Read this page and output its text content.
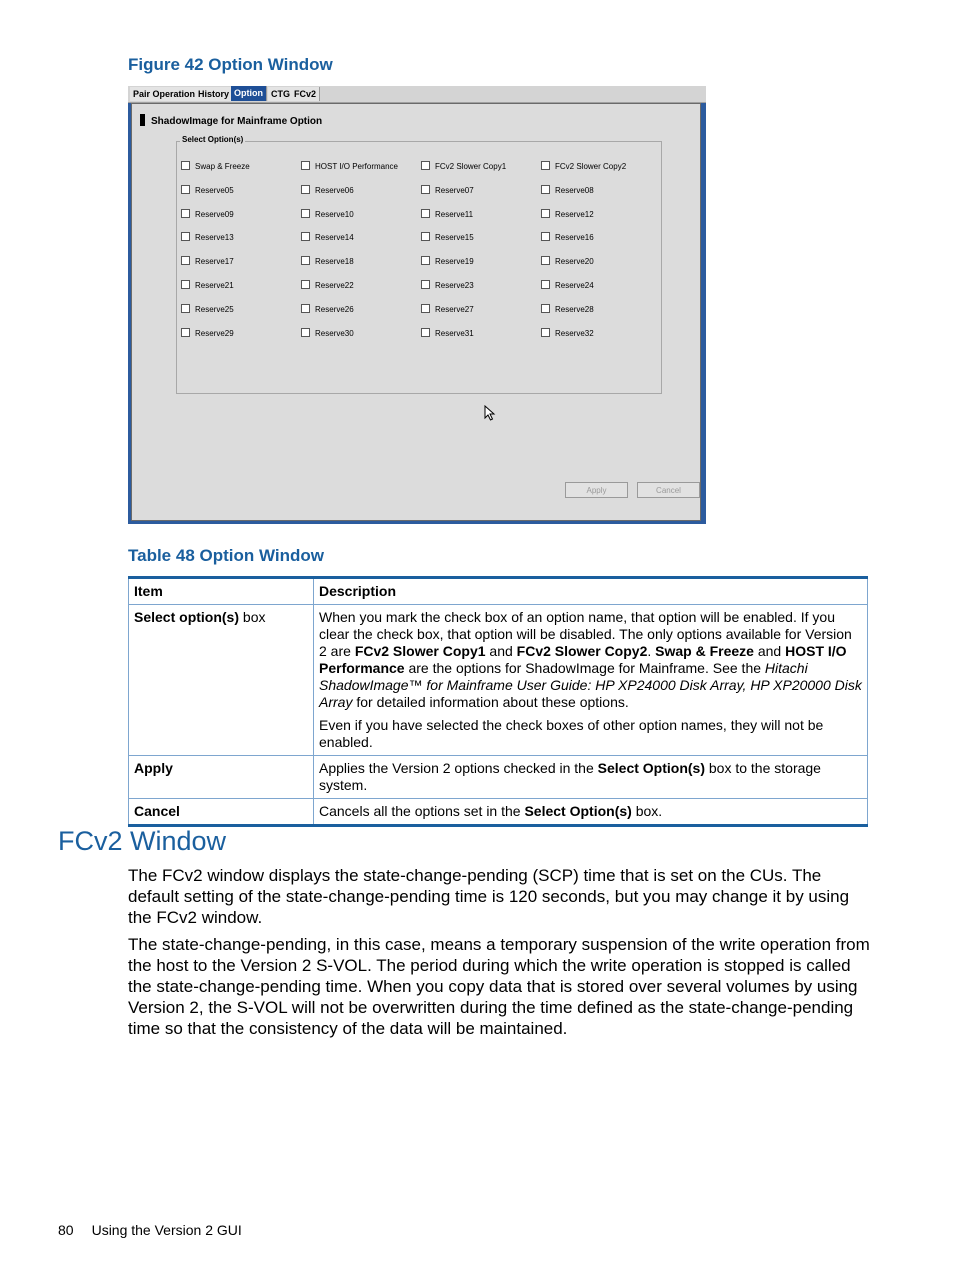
Figure 42 Option Window
Pair Operation History Option CTG FCv2
ShadowImage for Mainframe Option
Select Option(s)
Swap & Freeze	HOST I/O Performance	FCv2 Slower Copy1	FCv2 Slower Copy2
Reserve05	Reserve06	Reserve07	Reserve08
Reserve09	Reserve10	Reserve11	Reserve12
Reserve13	Reserve14	Reserve15	Reserve16
Reserve17	Reserve18	Reserve19	Reserve20
Reserve21	Reserve22	Reserve23	Reserve24
Reserve25	Reserve26	Reserve27	Reserve28
Reserve29	Reserve30	Reserve31	Reserve32
Apply	Cancel
Table 48 Option Window
Item	Description
Select option(s) box	When you mark the check box of an option name, that option will be enabled. If you clear the check box, that option will be disabled. The only options available for Version 2 are FCv2 Slower Copy1 and FCv2 Slower Copy2. Swap & Freeze and HOST I/O Performance are the options for ShadowImage for Mainframe. See the Hitachi ShadowImage™ for Mainframe User Guide: HP XP24000 Disk Array, HP XP20000 Disk Array for detailed information about these options.
Even if you have selected the check boxes of other option names, they will not be enabled.

Apply	Applies the Version 2 options checked in the Select Option(s) box to the storage system.
Cancel	Cancels all the options set in the Select Option(s) box.
FCv2 Window
The FCv2 window displays the state-change-pending (SCP) time that is set on the CUs. The default setting of the state-change-pending time is 120 seconds, but you may change it by using the FCv2 window.
The state-change-pending, in this case, means a temporary suspension of the write operation from the host to the Version 2 S-VOL. The period during which the write operation is stopped is called the state-change-pending time. When you copy data that is stored over several volumes by using Version 2, the S-VOL will not be overwritten during the time defined as the state-change-pending time so that the consistency of the data will be maintained.
80 Using the Version 2 GUI
